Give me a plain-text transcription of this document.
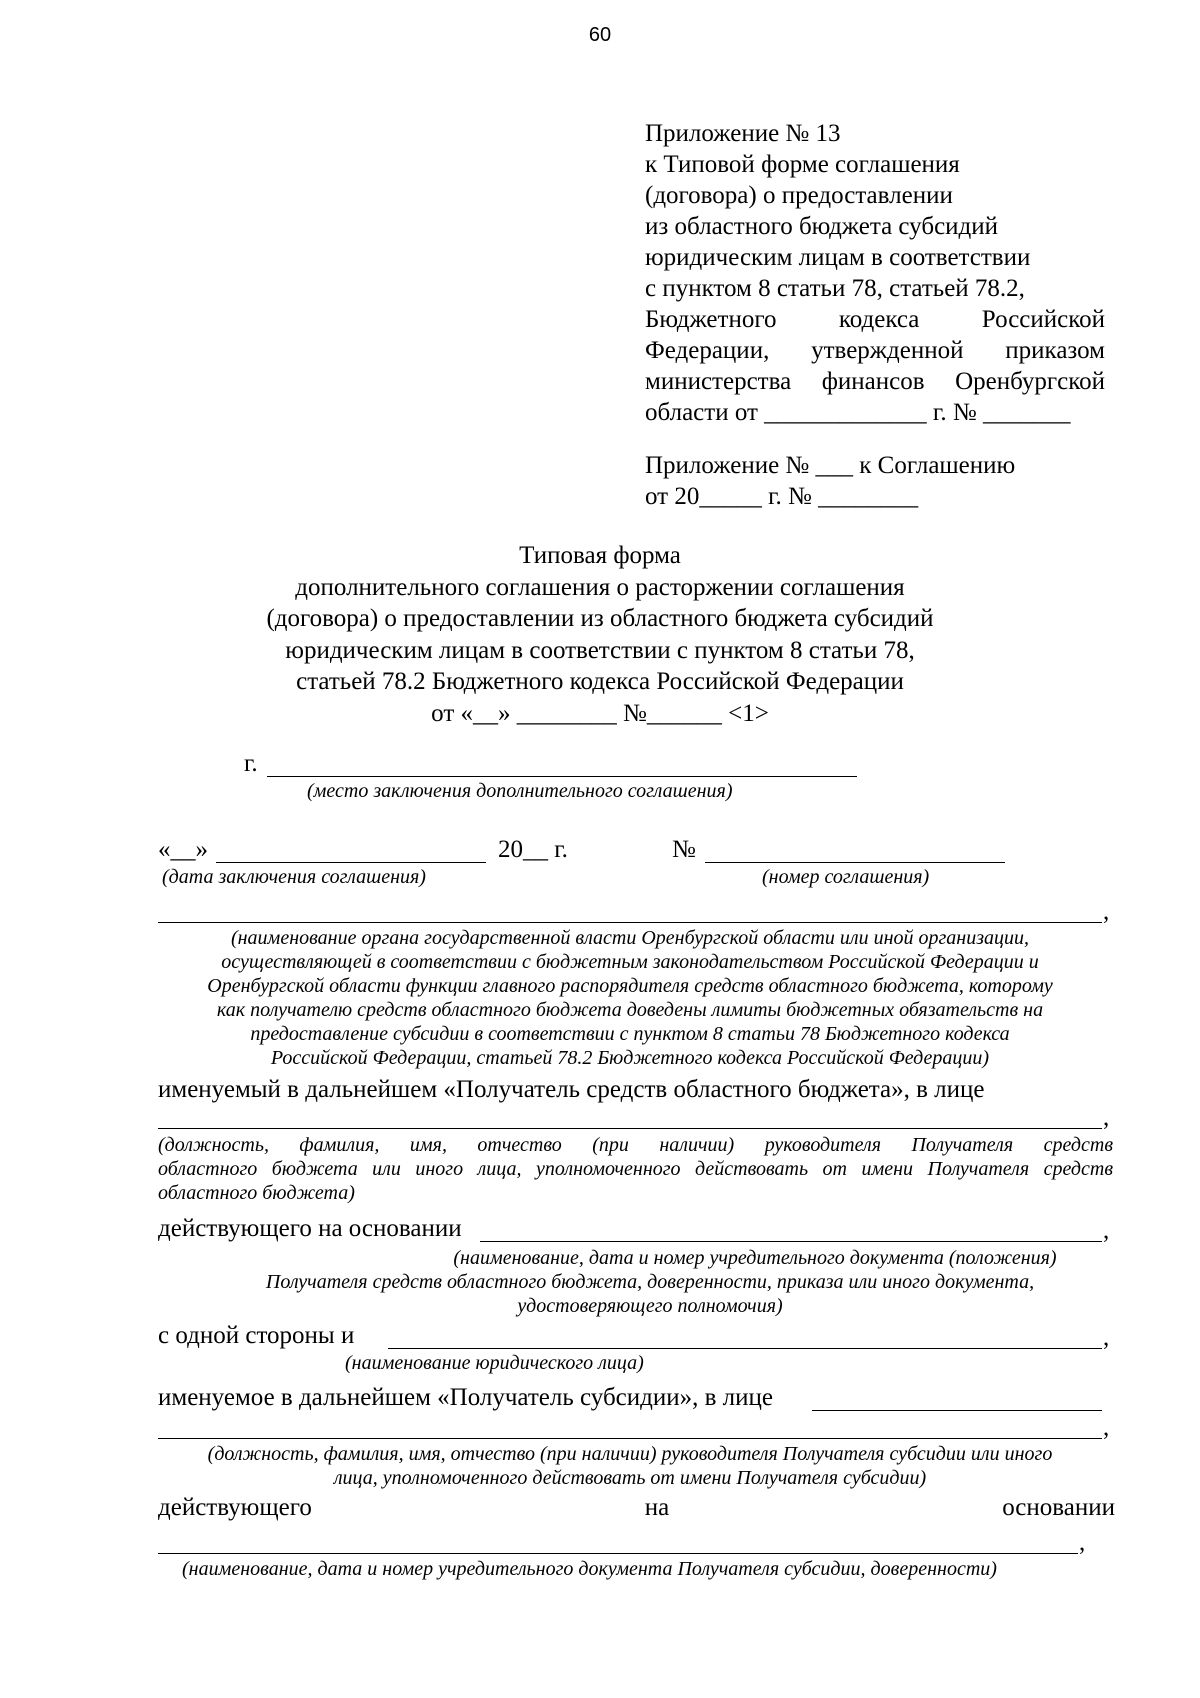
60
Приложение № 13
к Типовой форме соглашения
(договора) о предоставлении
из областного бюджета субсидий
юридическим лицам в соответствии
с пунктом 8 статьи 78, статьей 78.2,
Бюджетного кодекса Российской
Федерации, утвержденной приказом
министерства финансов Оренбургской
области от _____________ г. № _______
Приложение № ___ к Соглашению
от 20_____ г. № ________
Типовая форма
дополнительного соглашения о расторжении соглашения
(договора) о предоставлении из областного бюджета субсидий
юридическим лицам в соответствии с пунктом 8 статьи 78,
статьей 78.2 Бюджетного кодекса Российской Федерации
от «__» ________ №______ <1>
г.
(место заключения дополнительного соглашения)
«__»	20__ г.	№
(дата заключения соглашения)	(номер соглашения)
,
(наименование органа государственной власти Оренбургской области или иной организации,
осуществляющей в соответствии с бюджетным законодательством Российской Федерации и
Оренбургской области функции главного распорядителя средств областного бюджета, которому
как получателю средств областного бюджета доведены лимиты бюджетных обязательств на
предоставление субсидии в соответствии с пунктом 8 статьи 78 Бюджетного кодекса
Российской Федерации, статьей 78.2 Бюджетного кодекса Российской Федерации)
именуемый в дальнейшем «Получатель средств областного бюджета», в лице
,
(должность, фамилия, имя, отчество (при наличии) руководителя Получателя средств
областного бюджета или иного лица, уполномоченного действовать от имени Получателя средств
областного бюджета)
действующего на основании	,
(наименование, дата и номер учредительного документа (положения)
Получателя средств областного бюджета, доверенности, приказа или иного документа,
удостоверяющего полномочия)
с одной стороны и	,
(наименование юридического лица)
именуемое в дальнейшем «Получатель субсидии», в лице
,
(должность, фамилия, имя, отчество (при наличии) руководителя Получателя субсидии или иного
лица, уполномоченного действовать от имени Получателя субсидии)
действующего	на	основании
,
(наименование, дата и номер учредительного документа Получателя субсидии, доверенности)
